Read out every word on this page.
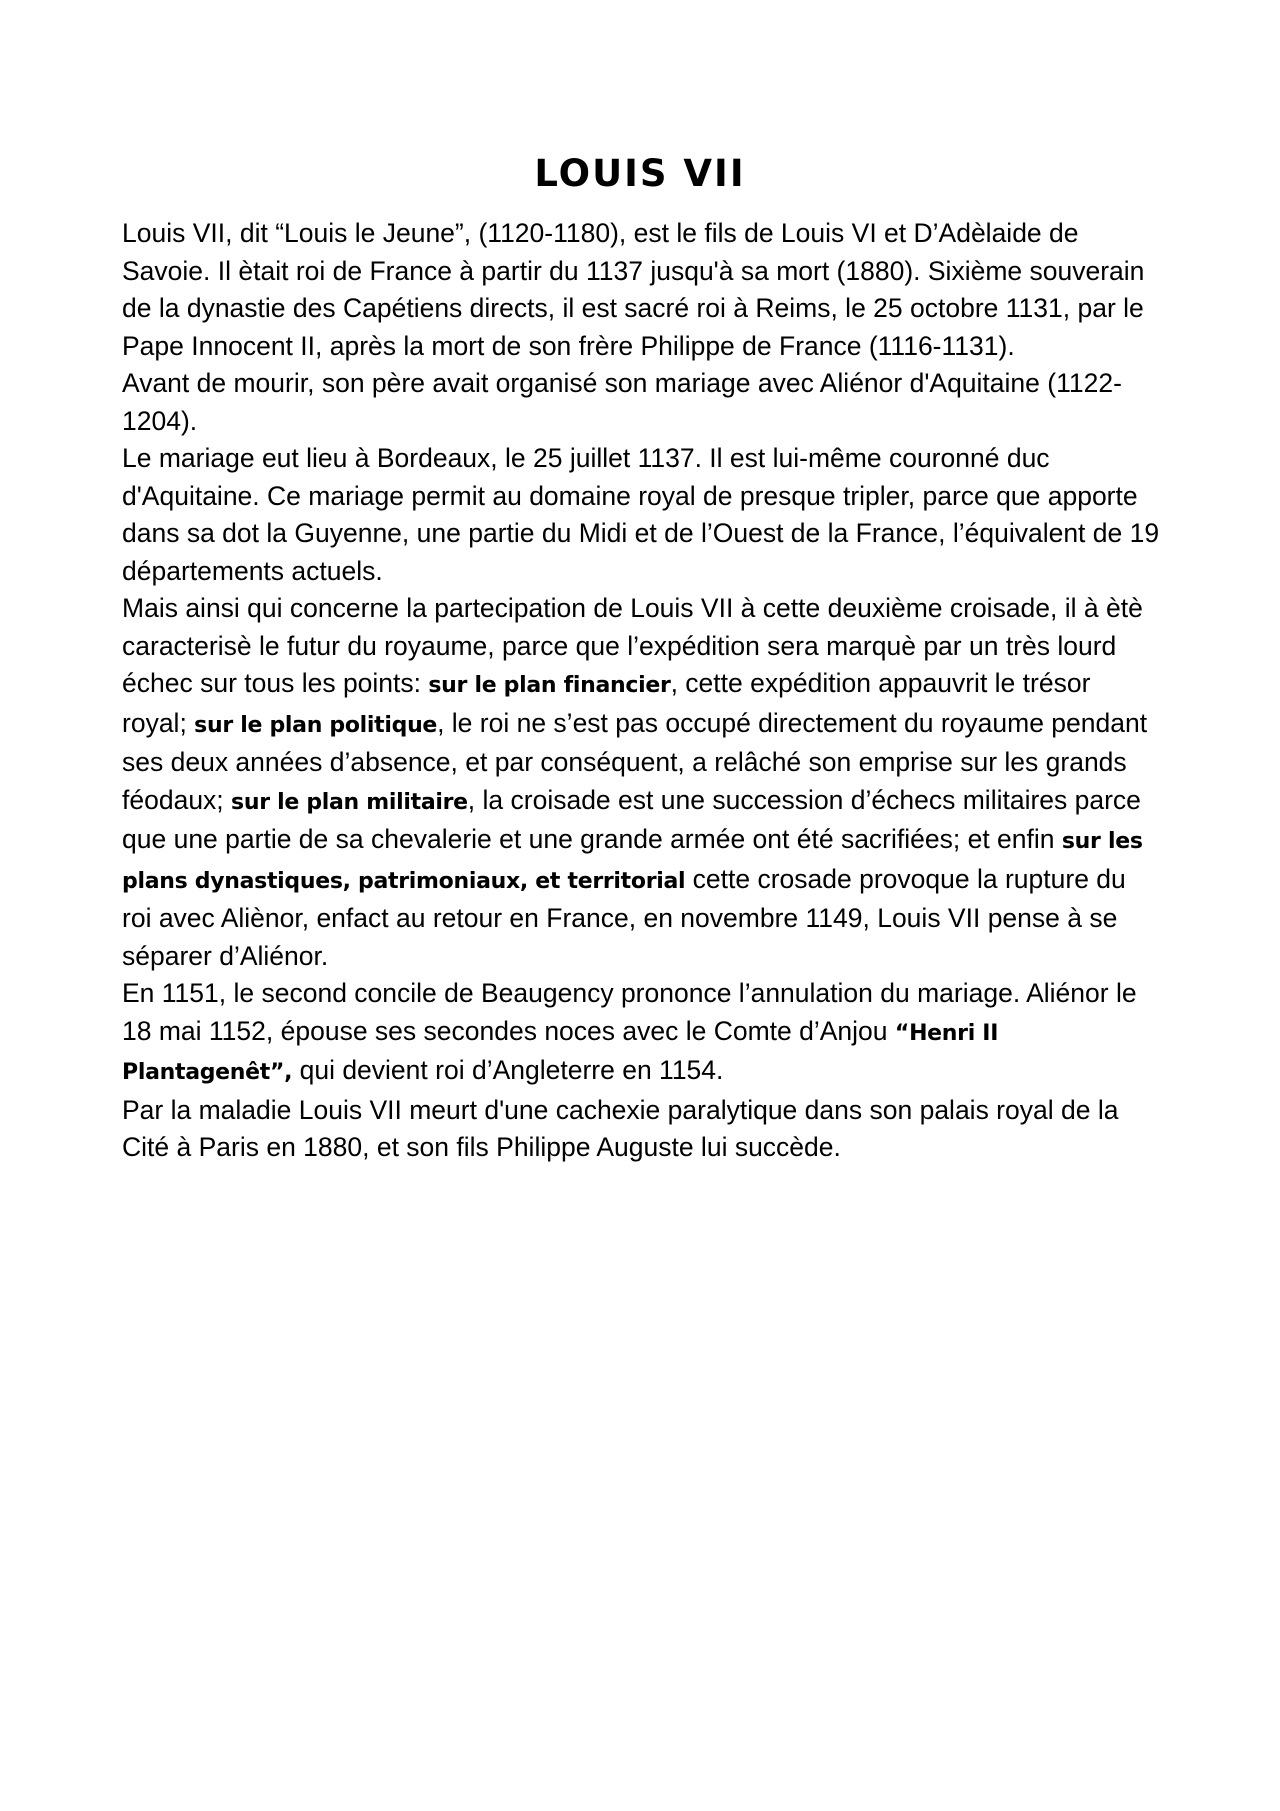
LOUIS VII

Louis VII, dit “Louis le Jeune”, (1120-1180), est le fils de Louis VI et D’Adèlaide de Savoie. Il ètait roi de France à partir du 1137 jusqu'à sa mort (1880). Sixième souverain de la dynastie des Capétiens directs, il est sacré roi à Reims, le 25 octobre 1131, par le Pape Innocent II, après la mort de son frère Philippe de France (1116-1131).

Avant de mourir, son père avait organisé son mariage avec Aliénor d'Aquitaine (1122-1204).

Le mariage eut lieu à Bordeaux, le 25 juillet 1137. Il est lui-même couronné duc d'Aquitaine. Ce mariage permit au domaine royal de presque tripler, parce que apporte dans sa dot la Guyenne, une partie du Midi et de l’Ouest de la France, l’équivalent de 19 départements actuels.

Mais ainsi qui concerne la partecipation de Louis VII à cette deuxième croisade, il à ètè caracterisè le futur du royaume, parce que l’expédition sera marquè par un très lourd échec sur tous les points: sur le plan financier, cette expédition appauvrit le trésor royal; sur le plan politique, le roi ne s’est pas occupé directement du royaume pendant ses deux années d’absence, et par conséquent, a relâché son emprise sur les grands féodaux; sur le plan militaire, la croisade est une succession d’échecs militaires parce que une partie de sa chevalerie et une grande armée ont été sacrifiées; et enfin sur les plans dynastiques, patrimoniaux, et territorial cette crosade provoque la rupture du roi avec Aliènor, enfact au retour en France, en novembre 1149, Louis VII pense à se séparer d’Aliénor.

En 1151, le second concile de Beaugency prononce l’annulation du mariage. Aliénor le 18 mai 1152, épouse ses secondes noces avec le Comte d’Anjou “Henri II Plantagenêt”, qui devient roi d’Angleterre en 1154.

Par la maladie Louis VII meurt d'une cachexie paralytique dans son palais royal de la Cité à Paris en 1880, et son fils Philippe Auguste lui succède.
